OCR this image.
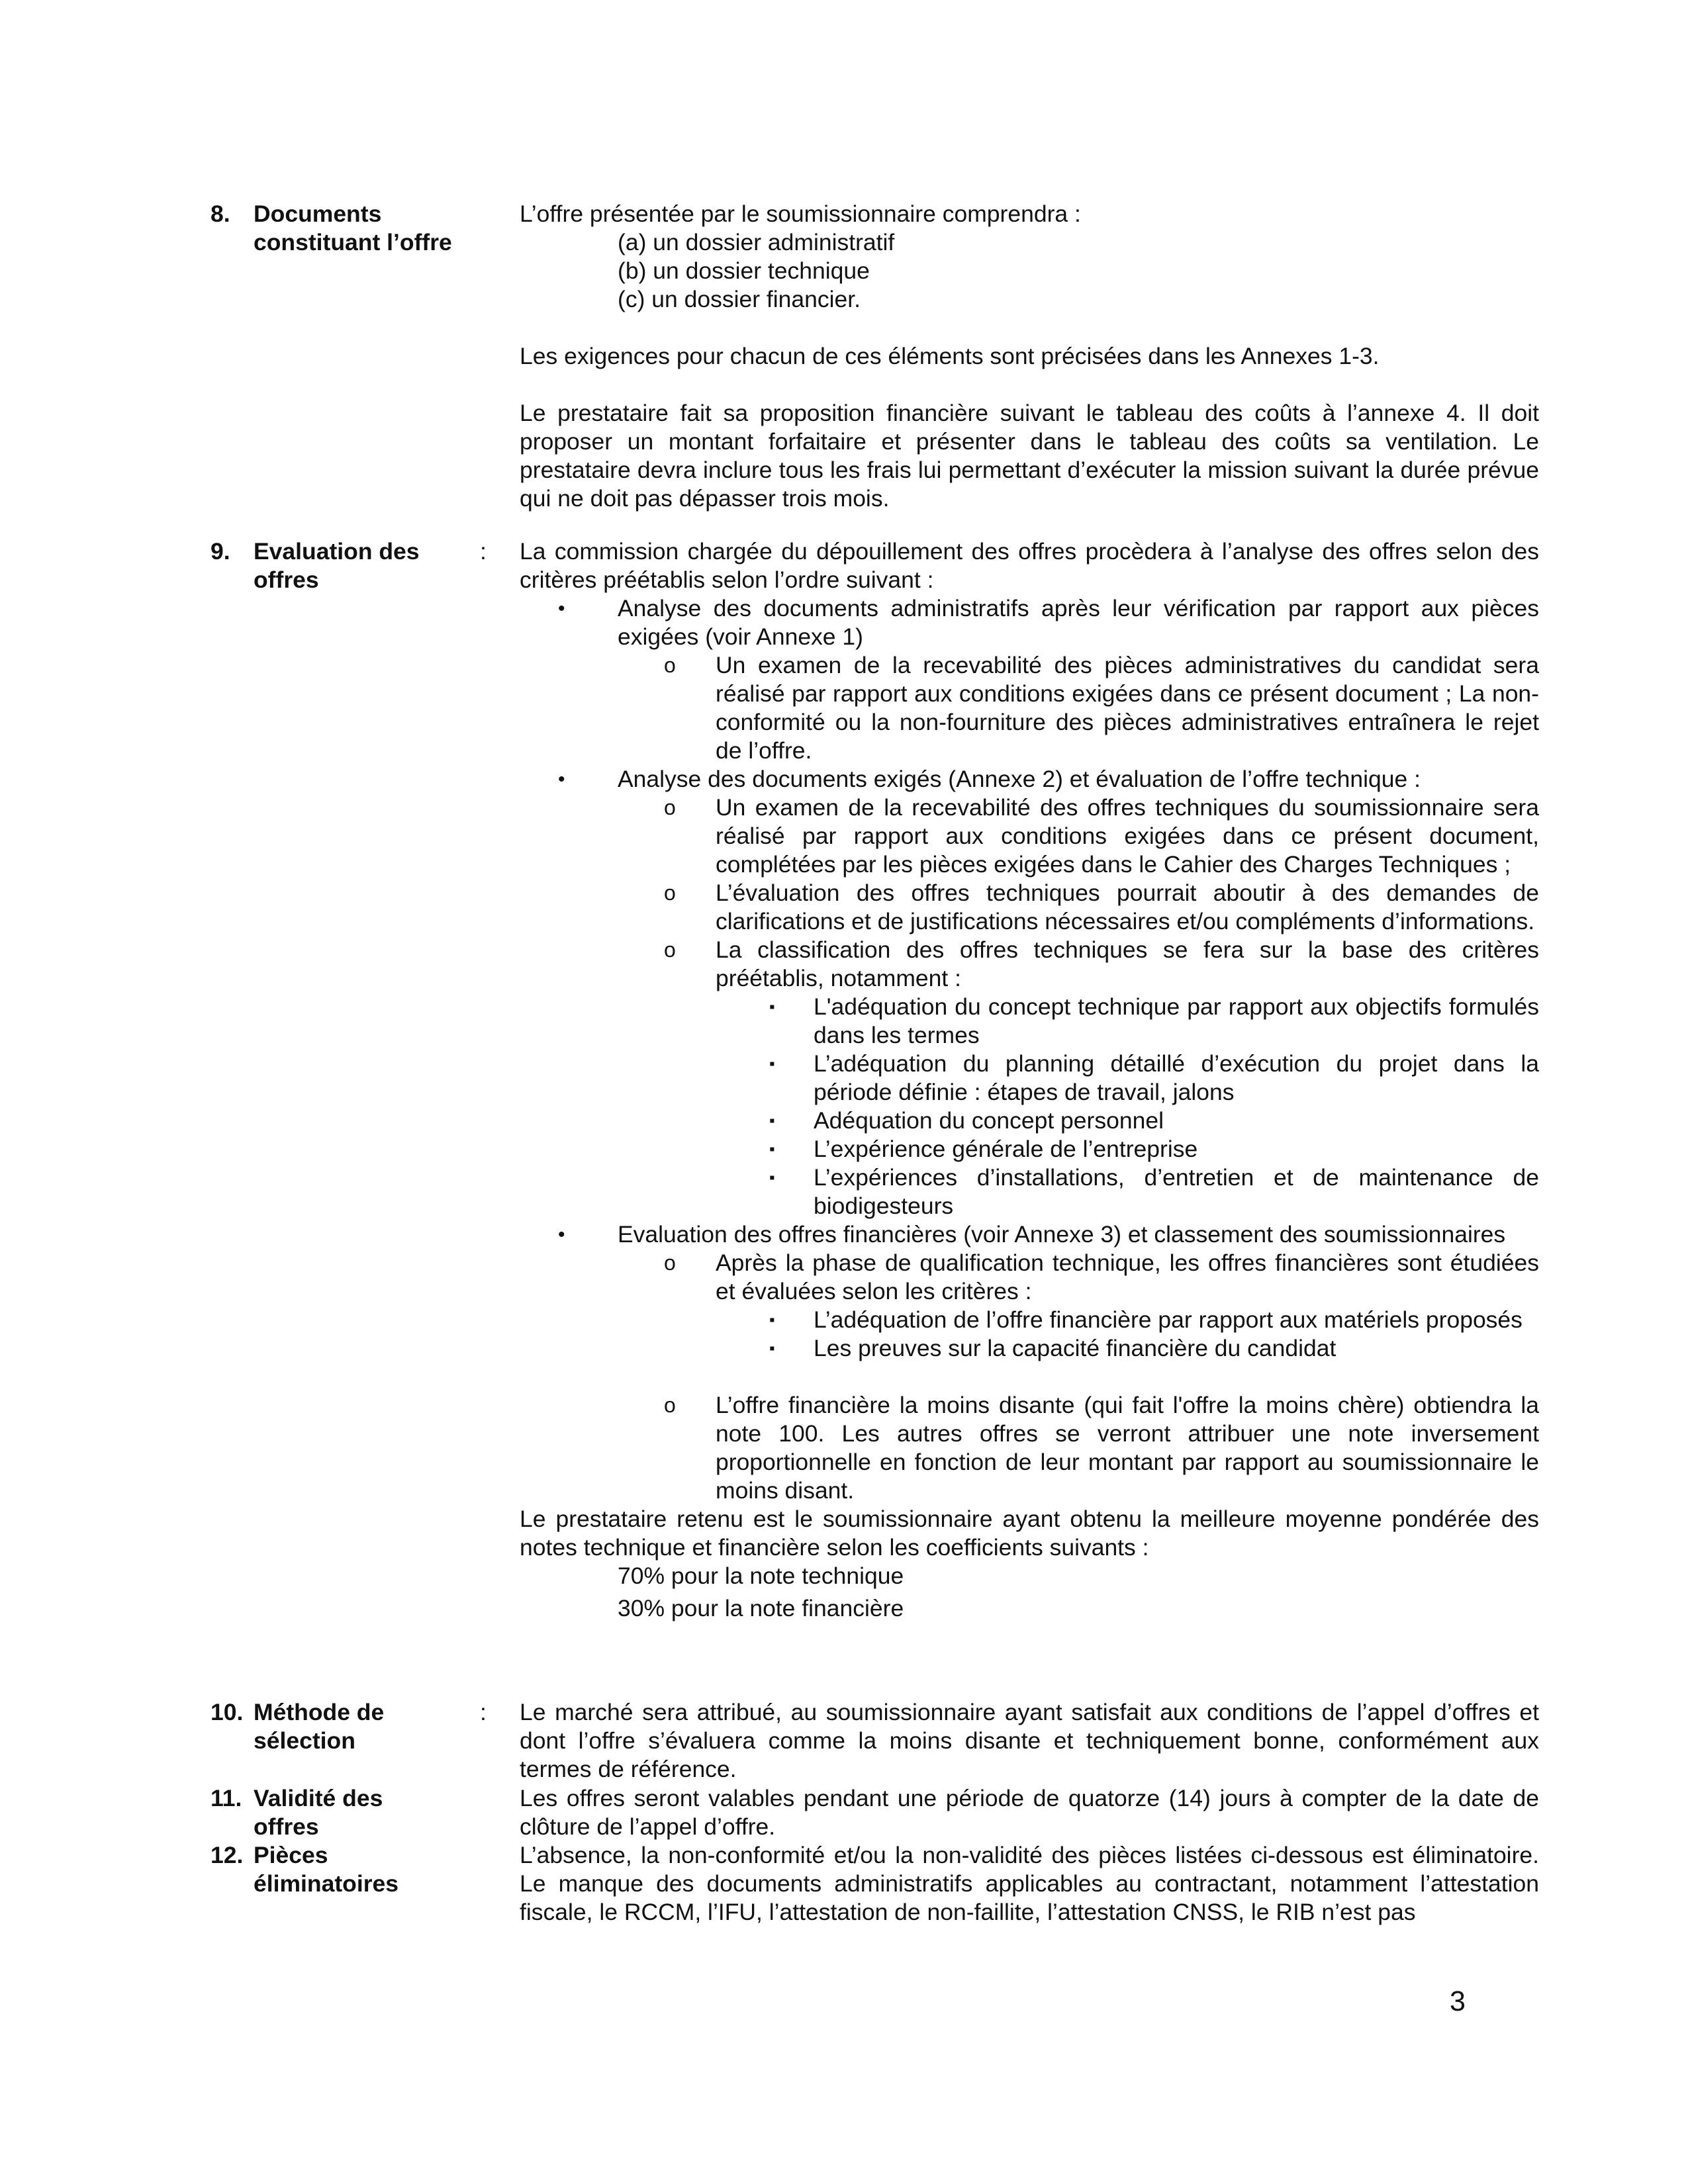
8. Documents constituant l’offre
L’offre présentée par le soumissionnaire comprendra :
(a) un dossier administratif
(b) un dossier technique
(c) un dossier financier.
Les exigences pour chacun de ces éléments sont précisées dans les Annexes 1-3.
Le prestataire fait sa proposition financière suivant le tableau des coûts à l’annexe 4. Il doit proposer un montant forfaitaire et présenter dans le tableau des coûts sa ventilation. Le prestataire devra inclure tous les frais lui permettant d’exécuter la mission suivant la durée prévue qui ne doit pas dépasser trois mois.
9. Evaluation des offres
: La commission chargée du dépouillement des offres procèdera à l’analyse des offres selon des critères préétablis selon l’ordre suivant :
• Analyse des documents administratifs après leur vérification par rapport aux pièces exigées (voir Annexe 1)
o Un examen de la recevabilité des pièces administratives du candidat sera réalisé par rapport aux conditions exigées dans ce présent document ; La non-conformité ou la non-fourniture des pièces administratives entraînera le rejet de l’offre.
• Analyse des documents exigés (Annexe 2) et évaluation de l’offre technique :
o Un examen de la recevabilité des offres techniques du soumissionnaire sera réalisé par rapport aux conditions exigées dans ce présent document, complétées par les pièces exigées dans le Cahier des Charges Techniques ;
o L’évaluation des offres techniques pourrait aboutir à des demandes de clarifications et de justifications nécessaires et/ou compléments d’informations.
o La classification des offres techniques se fera sur la base des critères préétablis, notamment :
▪ L'adéquation du concept technique par rapport aux objectifs formulés dans les termes
▪ L’adéquation du planning détaillé d’exécution du projet dans la période définie : étapes de travail, jalons
▪ Adéquation du concept personnel
▪ L’expérience générale de l’entreprise
▪ L’expériences d’installations, d’entretien et de maintenance de biodigesteurs
• Evaluation des offres financières (voir Annexe 3) et classement des soumissionnaires
o Après la phase de qualification technique, les offres financières sont étudiées et évaluées selon les critères :
▪ L’adéquation de l’offre financière par rapport aux matériels proposés
▪ Les preuves sur la capacité financière du candidat
o L’offre financière la moins disante (qui fait l'offre la moins chère) obtiendra la note 100. Les autres offres se verront attribuer une note inversement proportionnelle en fonction de leur montant par rapport au soumissionnaire le moins disant.
Le prestataire retenu est le soumissionnaire ayant obtenu la meilleure moyenne pondérée des notes technique et financière selon les coefficients suivants :
70% pour la note technique
30% pour la note financière
10. Méthode de sélection
: Le marché sera attribué, au soumissionnaire ayant satisfait aux conditions de l’appel d’offres et dont l’offre s’évaluera comme la moins disante et techniquement bonne, conformément aux termes de référence.
11. Validité des offres
Les offres seront valables pendant une période de quatorze (14) jours à compter de la date de clôture de l’appel d’offre.
12. Pièces éliminatoires
L’absence, la non-conformité et/ou la non-validité des pièces listées ci-dessous est éliminatoire. Le manque des documents administratifs applicables au contractant, notamment l’attestation fiscale, le RCCM, l’IFU, l’attestation de non-faillite, l’attestation CNSS, le RIB n’est pas
3
